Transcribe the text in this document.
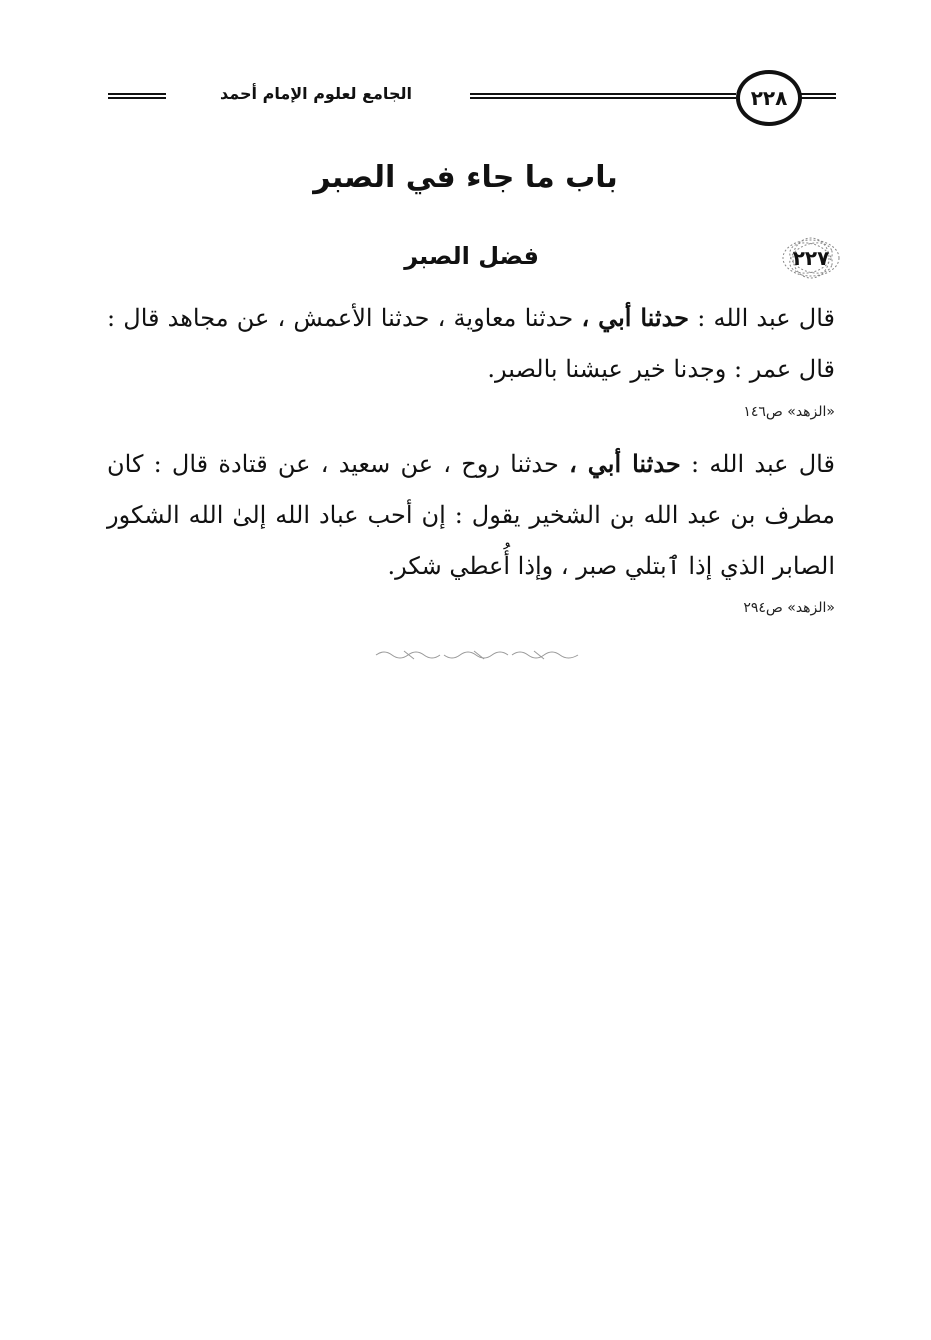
٢٢٨
الجامع لعلوم الإمام أحمد
باب ما جاء في الصبر
٢٢٧
فضل الصبر
قال عبد الله : حدثنا أبي ، حدثنا معاوية ، حدثنا الأعمش ، عن مجاهد قال : قال عمر : وجدنا خير عيشنا بالصبر.
«الزهد» ص١٤٦
قال عبد الله : حدثنا أبي ، حدثنا روح ، عن سعيد ، عن قتادة قال : كان مطرف بن عبد الله بن الشخير يقول : إن أحب عباد الله إلىٰ الله الشكور الصابر الذي إذا ٱبتلي صبر ، وإذا أُعطي شكر.
«الزهد» ص٢٩٤
